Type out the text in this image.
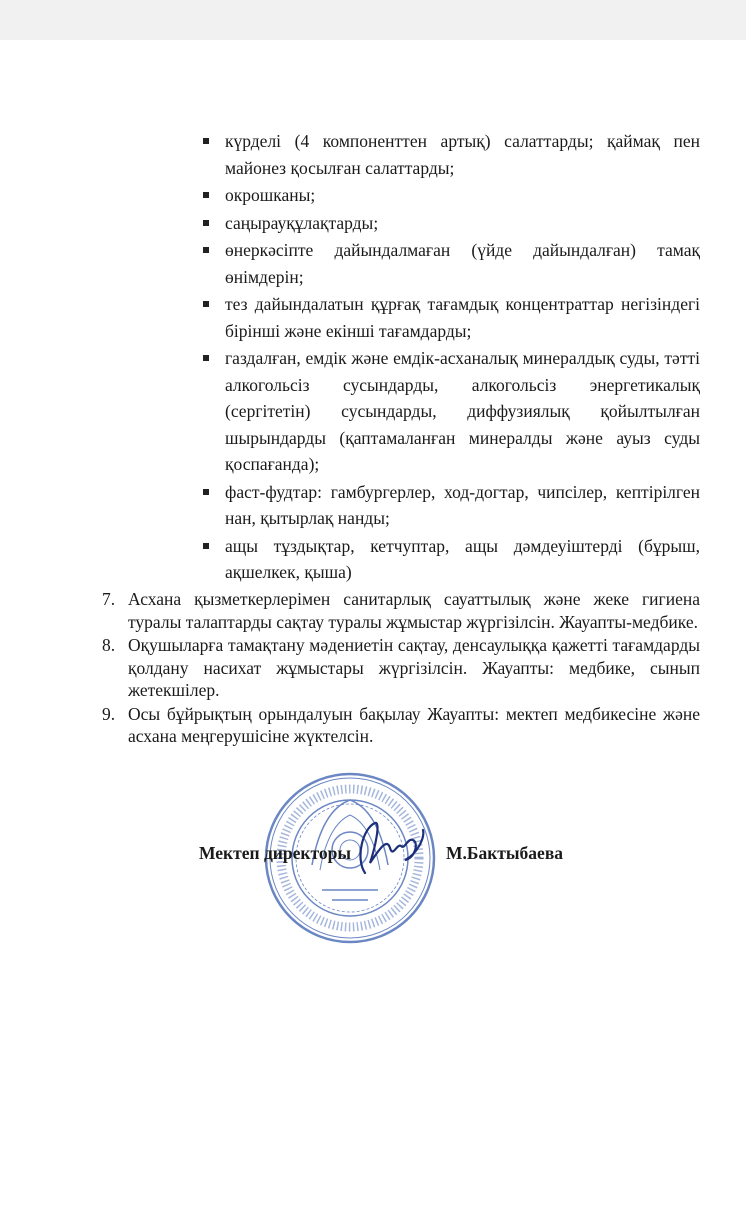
күрделі (4 компоненттен артық) салаттарды; қаймақ пен майонез қосылған салаттарды;
окрошканы;
саңырауқұлақтарды;
өнеркәсіпте дайындалмаған (үйде дайындалған) тамақ өнімдерін;
тез дайындалатын құрғақ тағамдық концентраттар негізіндегі бірінші және екінші тағамдарды;
газдалған, емдік және емдік-асханалық минералдық суды, тәтті алкогольсіз сусындарды, алкогольсіз энергетикалық (сергітетін) сусындарды, диффузиялық қойылтылған шырындарды (қаптамаланған минералды және ауыз суды қоспағанда);
фаст-фудтар: гамбургерлер, ход-догтар, чипсілер, кептірілген нан, қытырлақ нанды;
ащы тұздықтар, кетчуптар, ащы дәмдеуіштерді (бұрыш, ақшелкек, қыша)
7. Асхана қызметкерлерімен санитарлық сауаттылық және жеке гигиена туралы талаптарды сақтау туралы жұмыстар жүргізілсін. Жауапты-медбике.
8. Оқушыларға тамақтану мәдениетін сақтау, денсаулыққа қажетті тағамдарды қолдану насихат жұмыстары жүргізілсін. Жауапты: медбике, сынып жетекшілер.
9. Осы бұйрықтың орындалуын бақылау Жауапты: мектеп медбикесіне және асхана меңгерушісіне жүктелсін.
Мектеп директоры	М.Бактыбаева
